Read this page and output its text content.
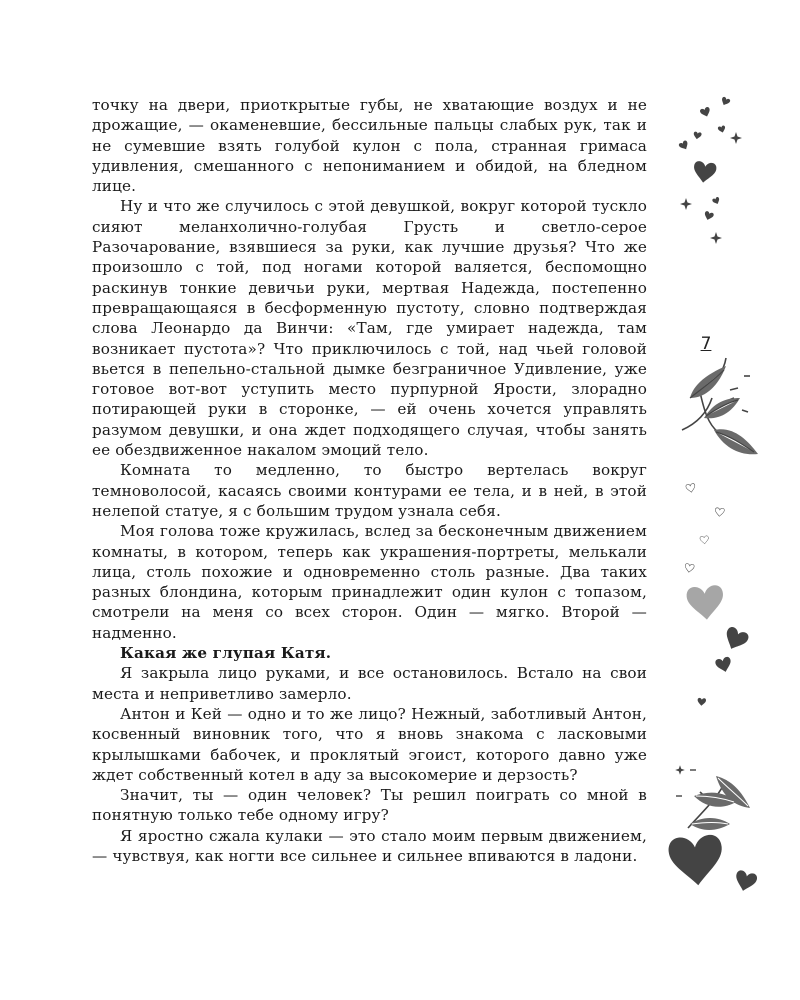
точку на двери, приоткрытые губы, не хватающие воздух и не дрожащие, — окаменевшие, бессильные пальцы слабых рук, так и не сумевшие взять голубой кулон с пола, странная гримаса удивления, смешанного с непониманием и обидой, на бледном лице.

Ну и что же случилось с этой девушкой, вокруг которой тускло сияют меланхолично-голубая Грусть и светло-серое Разочарование, взявшиеся за руки, как лучшие друзья? Что же произошло с той, под ногами которой валяется, беспомощно раскинув тонкие девичьи руки, мертвая Надежда, постепенно превращающаяся в бесформенную пустоту, словно подтверждая слова Леонардо да Винчи: «Там, где умирает надежда, там возникает пустота»? Что приключилось с той, над чьей головой вьется в пепельно-стальной дымке безграничное Удивление, уже готовое вот-вот уступить место пурпурной Ярости, злорадно потирающей руки в сторонке, — ей очень хочется управлять разумом девушки, и она ждет подходящего случая, чтобы занять ее обездвиженное накалом эмоций тело.

Комната то медленно, то быстро вертелась вокруг темноволосой, касаясь своими контурами ее тела, и в ней, в этой нелепой статуе, я с большим трудом узнала себя.

Моя голова тоже кружилась, вслед за бесконечным движением комнаты, в котором, теперь как украшения-портреты, мелькали лица, столь похожие и одновременно столь разные. Два таких разных блондина, которым принадлежит один кулон с топазом, смотрели на меня со всех сторон. Один — мягко. Второй — надменно.

Какая же глупая Катя.

Я закрыла лицо руками, и все остановилось. Встало на свои места и неприветливо замерло.

Антон и Кей — одно и то же лицо? Нежный, заботливый Антон, косвенный виновник того, что я вновь знакома с ласковыми крылышками бабочек, и проклятый эгоист, которого давно уже ждет собственный котел в аду за высокомерие и дерзость?

Значит, ты — один человек? Ты решил поиграть со мной в понятную только тебе одному игру?

Я яростно сжала кулаки — это стало моим первым движением, — чувствуя, как ногти все сильнее и сильнее впиваются в ладони.

7
